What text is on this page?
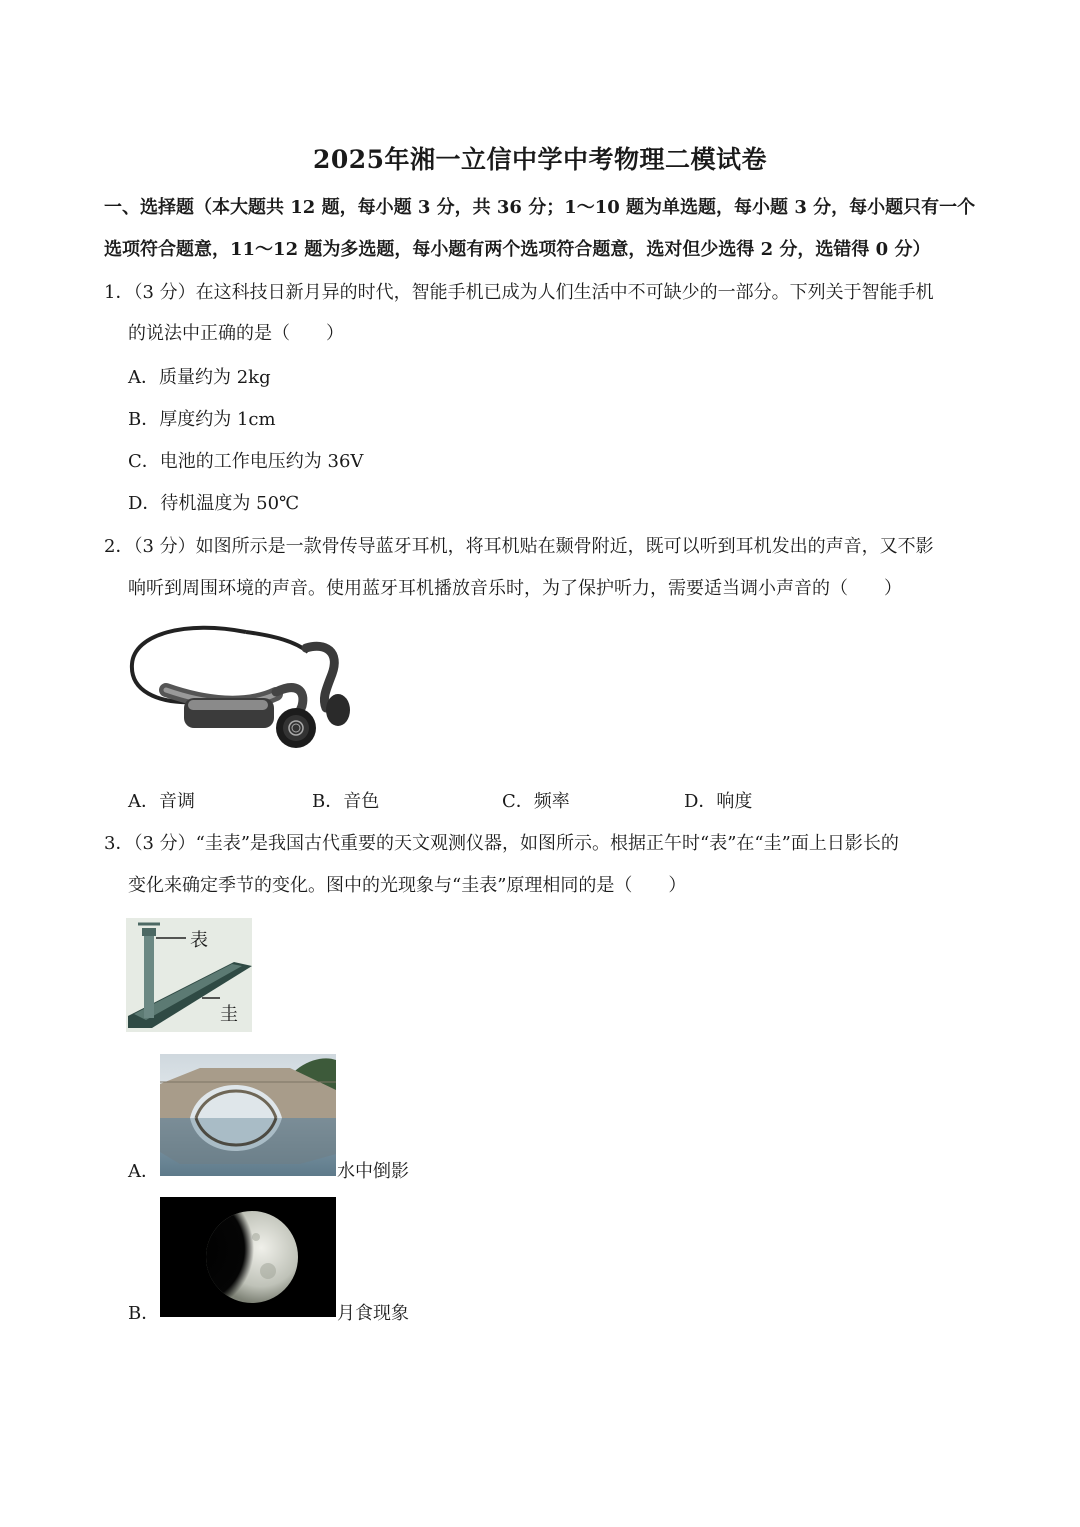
2025年湘一立信中学中考物理二模试卷
一、选择题（本大题共 12 题，每小题 3 分，共 36 分；1～10 题为单选题，每小题 3 分，每小题只有一个
选项符合题意，11～12 题为多选题，每小题有两个选项符合题意，选对但少选得 2 分，选错得 0 分）
1．（3 分）在这科技日新月异的时代，智能手机已成为人们生活中不可缺少的一部分。下列关于智能手机
的说法中正确的是（　　）
A．质量约为 2kg
B．厚度约为 1cm
C．电池的工作电压约为 36V
D．待机温度为 50℃
2．（3 分）如图所示是一款骨传导蓝牙耳机，将耳机贴在颞骨附近，既可以听到耳机发出的声音，又不影
响听到周围环境的声音。使用蓝牙耳机播放音乐时，为了保护听力，需要适当调小声音的（　　）
A．音调	B．音色	C．频率	D．响度
3．（3 分）“圭表”是我国古代重要的天文观测仪器，如图所示。根据正午时“表”在“圭”面上日影长的
变化来确定季节的变化。图中的光现象与“圭表”原理相同的是（　　）
表
圭
A．	水中倒影
B．	月食现象
